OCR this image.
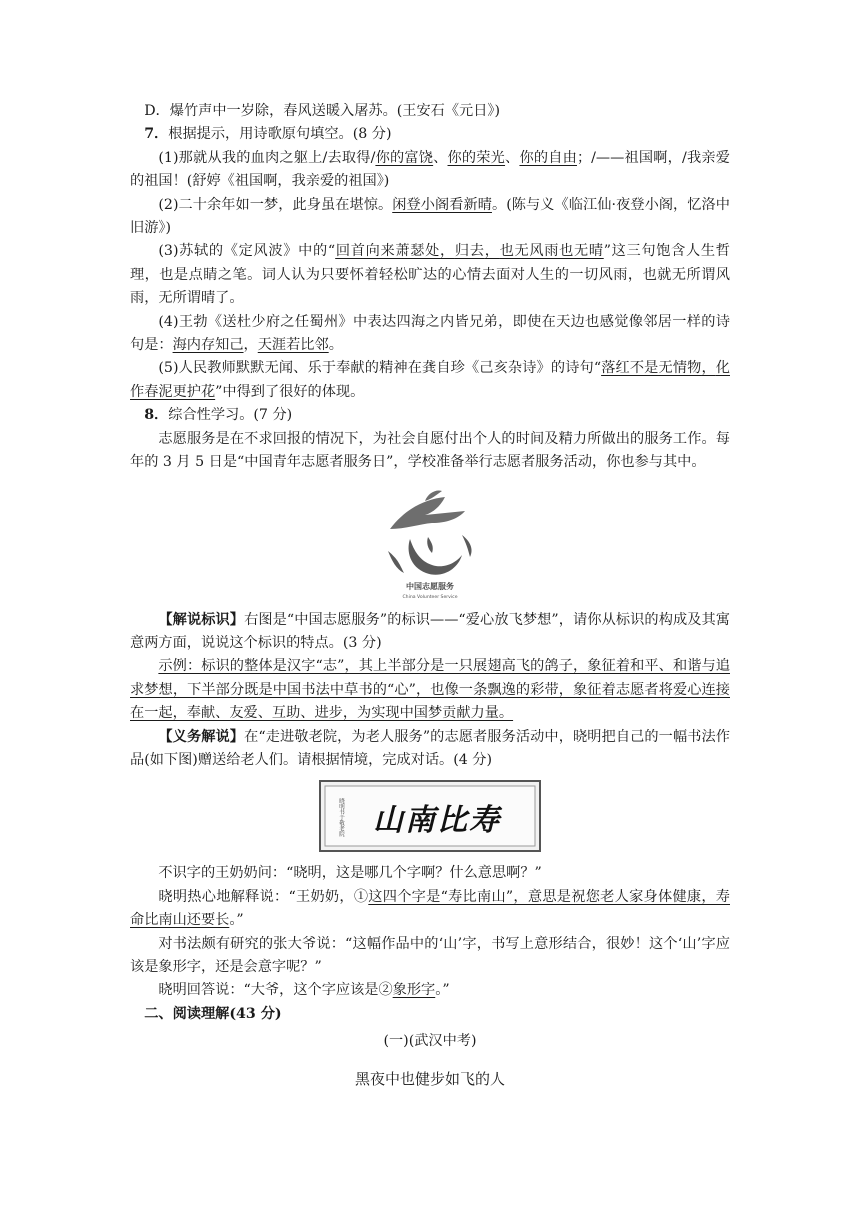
D．爆竹声中一岁除，春风送暖入屠苏。(王安石《元日》)

7．根据提示，用诗歌原句填空。(8 分)

(1)那就从我的血肉之躯上/去取得/你的富饶、你的荣光、你的自由；/——祖国啊，/我亲爱的祖国！(舒婷《祖国啊，我亲爱的祖国》)

(2)二十余年如一梦，此身虽在堪惊。闲登小阁看新晴。(陈与义《临江仙·夜登小阁，忆洛中旧游》)

(3)苏轼的《定风波》中的“回首向来萧瑟处，归去，也无风雨也无晴”这三句饱含人生哲理，也是点睛之笔。词人认为只要怀着轻松旷达的心情去面对人生的一切风雨，也就无所谓风雨，无所谓晴了。

(4)王勃《送杜少府之任蜀州》中表达四海之内皆兄弟，即使在天边也感觉像邻居一样的诗句是：海内存知己，天涯若比邻。

(5)人民教师默默无闻、乐于奉献的精神在龚自珍《己亥杂诗》的诗句“落红不是无情物，化作春泥更护花”中得到了很好的体现。

8．综合性学习。(7 分)

志愿服务是在不求回报的情况下，为社会自愿付出个人的时间及精力所做出的服务工作。每年的 3 月 5 日是“中国青年志愿者服务日”，学校准备举行志愿者服务活动，你也参与其中。

中国志愿服务
China Volunteer Service

【解说标识】右图是“中国志愿服务”的标识——“爱心放飞梦想”，请你从标识的构成及其寓意两方面，说说这个标识的特点。(3 分)

示例：标识的整体是汉字“志”，其上半部分是一只展翅高飞的鸽子，象征着和平、和谐与追求梦想，下半部分既是中国书法中草书的“心”，也像一条飘逸的彩带，象征着志愿者将爱心连接在一起，奉献、友爱、互助、进步，为实现中国梦贡献力量。

【义务解说】在“走进敬老院，为老人服务”的志愿者服务活动中，晓明把自己的一幅书法作品(如下图)赠送给老人们。请根据情境，完成对话。(4 分)

晓明书于敬老院 山南比寿

不识字的王奶奶问：“晓明，这是哪几个字啊？什么意思啊？”

晓明热心地解释说：“王奶奶，①这四个字是“寿比南山”，意思是祝您老人家身体健康，寿命比南山还要长。”

对书法颇有研究的张大爷说：“这幅作品中的‘山’字，书写上意形结合，很妙！这个‘山’字应该是象形字，还是会意字呢？”

晓明回答说：“大爷，这个字应该是②象形字。”

二、阅读理解(43 分)

(一)(武汉中考)

黑夜中也健步如飞的人
